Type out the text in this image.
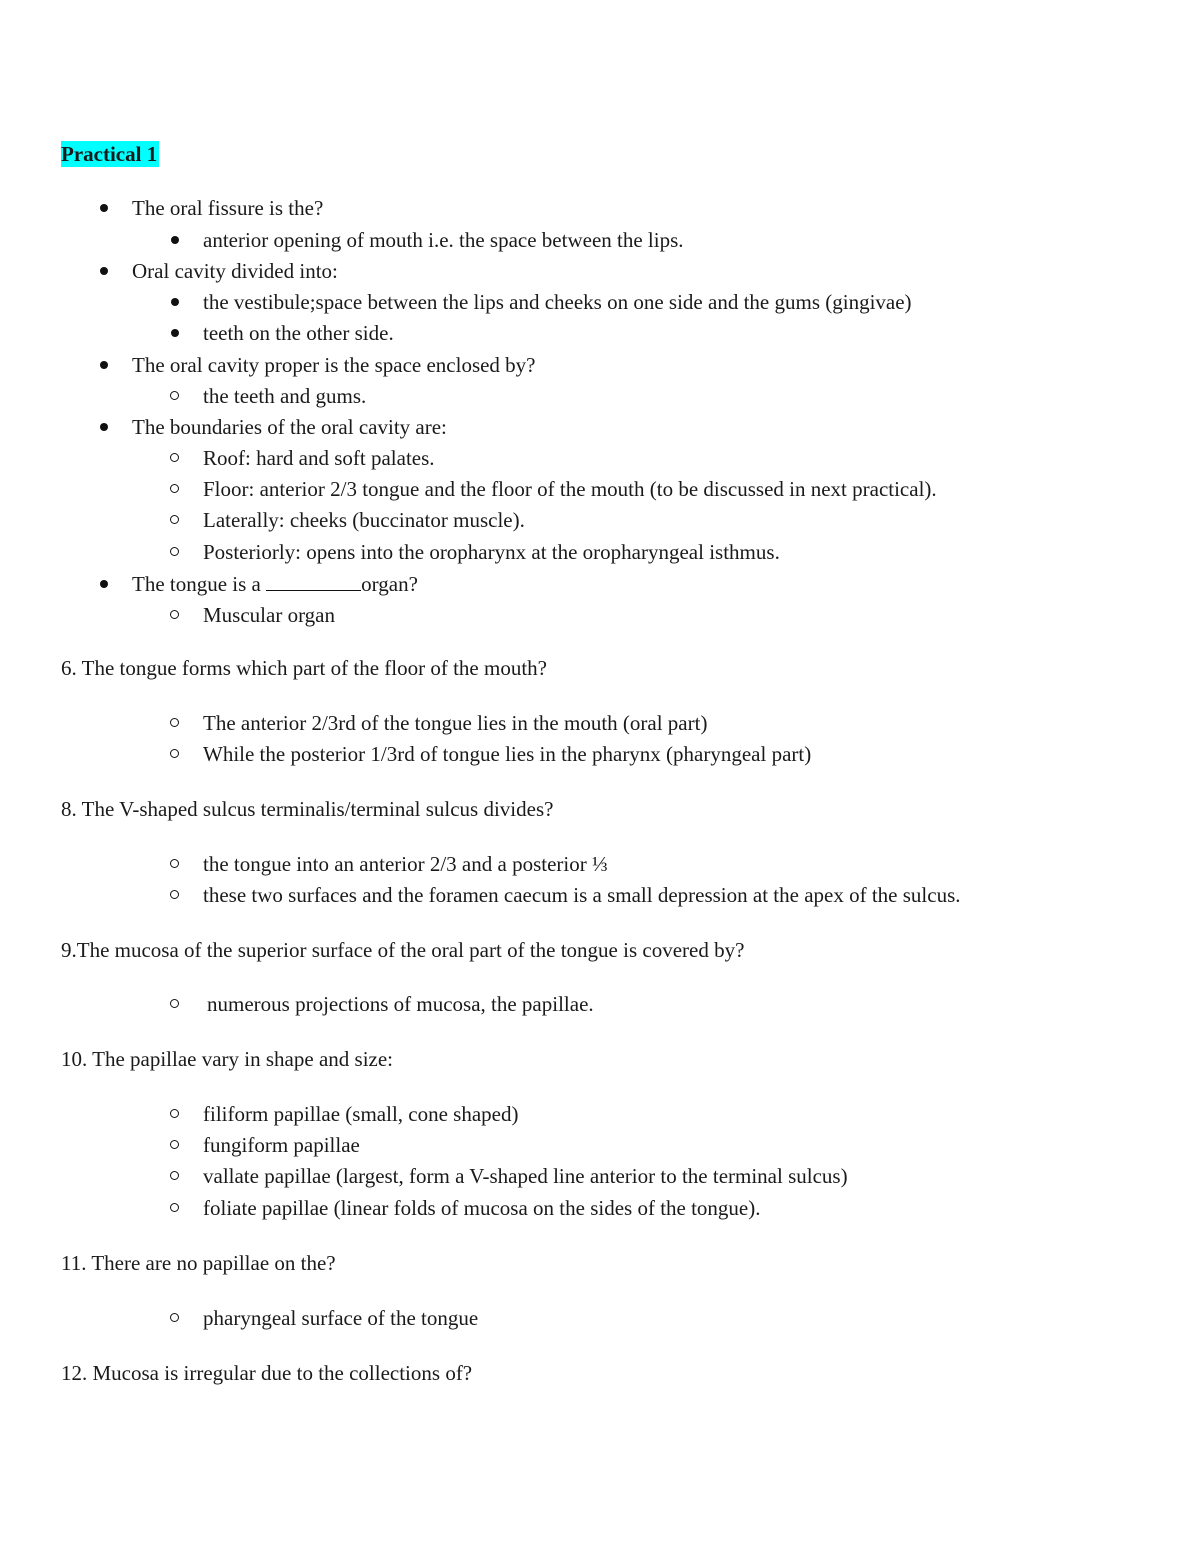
Practical 1
The oral fissure is the?
anterior opening of mouth i.e. the space between the lips.
Oral cavity divided into:
the vestibule;space between the lips and cheeks on one side and the gums (gingivae)
teeth on the other side.
The oral cavity proper is the space enclosed by?
the teeth and gums.
The boundaries of the oral cavity are:
Roof: hard and soft palates.
Floor: anterior 2/3 tongue and the floor of the mouth (to be discussed in next practical).
Laterally: cheeks (buccinator muscle).
Posteriorly: opens into the oropharynx at the oropharyngeal isthmus.
The tongue is a	organ?
Muscular organ
6. The tongue forms which part of the floor of the mouth?
The anterior 2/3rd of the tongue lies in the mouth (oral part)
While the posterior 1/3rd of tongue lies in the pharynx (pharyngeal part)
8. The V-shaped sulcus terminalis/terminal sulcus divides?
the tongue into an anterior 2/3 and a posterior ⅓
these two surfaces and the foramen caecum is a small depression at the apex of the sulcus.
9.The mucosa of the superior surface of the oral part of the tongue is covered by?
numerous projections of mucosa, the papillae.
10. The papillae vary in shape and size:
filiform papillae (small, cone shaped)
fungiform papillae
vallate papillae (largest, form a V-shaped line anterior to the terminal sulcus)
foliate papillae (linear folds of mucosa on the sides of the tongue).
11. There are no papillae on the?
pharyngeal surface of the tongue
12. Mucosa is irregular due to the collections of?
